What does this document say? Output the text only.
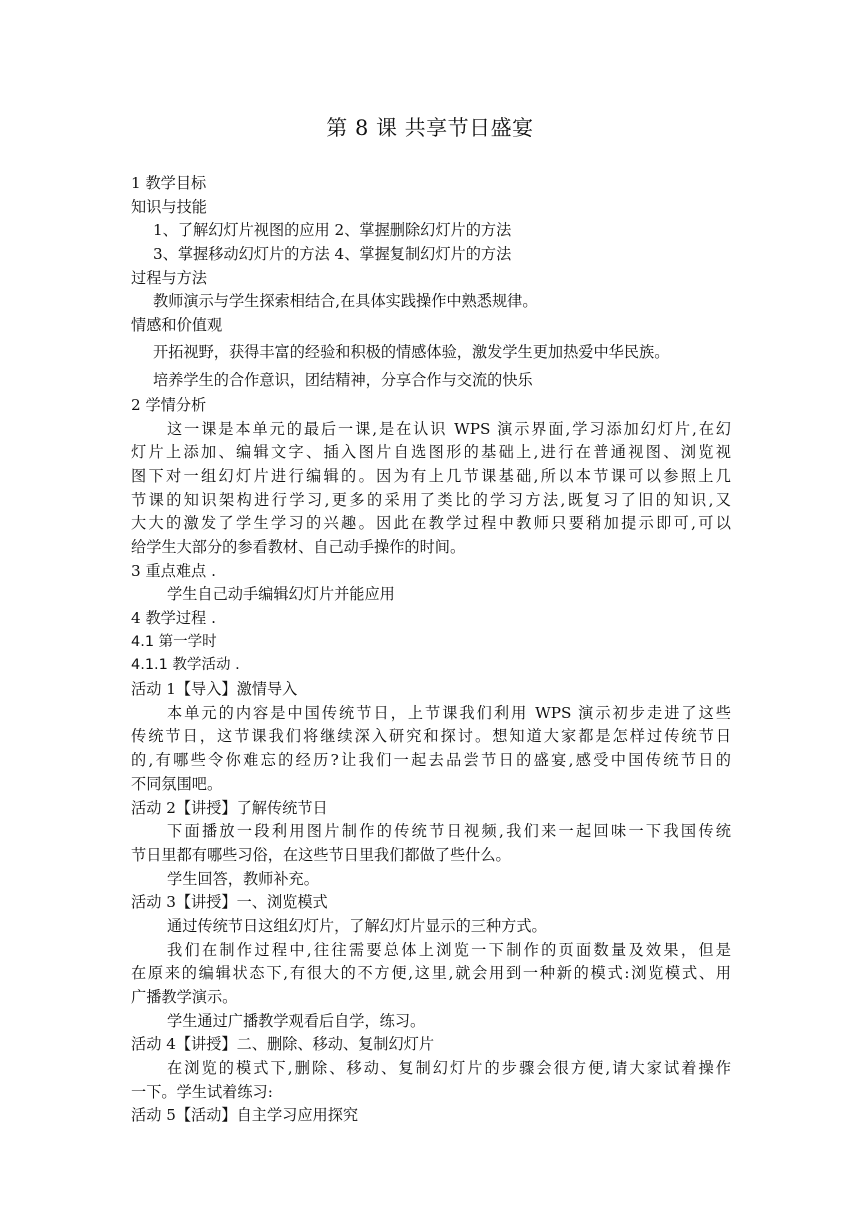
第 8 课 共享节日盛宴
1 教学目标
知识与技能
1、了解幻灯片视图的应用 2、掌握删除幻灯片的方法
3、掌握移动幻灯片的方法 4、掌握复制幻灯片的方法
过程与方法
教师演示与学生探索相结合,在具体实践操作中熟悉规律。
情感和价值观
开拓视野，获得丰富的经验和积极的情感体验，激发学生更加热爱中华民族。
培养学生的合作意识，团结精神，分享合作与交流的快乐
2 学情分析
这一课是本单元的最后一课,是在认识 WPS 演示界面,学习添加幻灯片,在幻
灯片上添加、编辑文字、插入图片自选图形的基础上,进行在普通视图、浏览视
图下对一组幻灯片进行编辑的。因为有上几节课基础,所以本节课可以参照上几
节课的知识架构进行学习,更多的采用了类比的学习方法,既复习了旧的知识,又
大大的激发了学生学习的兴趣。因此在教学过程中教师只要稍加提示即可,可以
给学生大部分的参看教材、自己动手操作的时间。
3 重点难点 .
学生自己动手编辑幻灯片并能应用
4 教学过程 .
4.1 第一学时
4.1.1 教学活动 .
活动 1【导入】激情导入
本单元的内容是中国传统节日，上节课我们利用 WPS 演示初步走进了这些
传统节日，这节课我们将继续深入研究和探讨。想知道大家都是怎样过传统节日
的,有哪些令你难忘的经历?让我们一起去品尝节日的盛宴,感受中国传统节日的
不同氛围吧。
活动 2【讲授】了解传统节日
下面播放一段利用图片制作的传统节日视频,我们来一起回味一下我国传统
节日里都有哪些习俗，在这些节日里我们都做了些什么。
学生回答，教师补充。
活动 3【讲授】一、浏览模式
通过传统节日这组幻灯片，了解幻灯片显示的三种方式。
我们在制作过程中,往往需要总体上浏览一下制作的页面数量及效果，但是
在原来的编辑状态下,有很大的不方便,这里,就会用到一种新的模式:浏览模式、用
广播教学演示。
学生通过广播教学观看后自学，练习。
活动 4【讲授】二、删除、移动、复制幻灯片
在浏览的模式下,删除、移动、复制幻灯片的步骤会很方便,请大家试着操作
一下。学生试着练习:
活动 5【活动】自主学习应用探究
